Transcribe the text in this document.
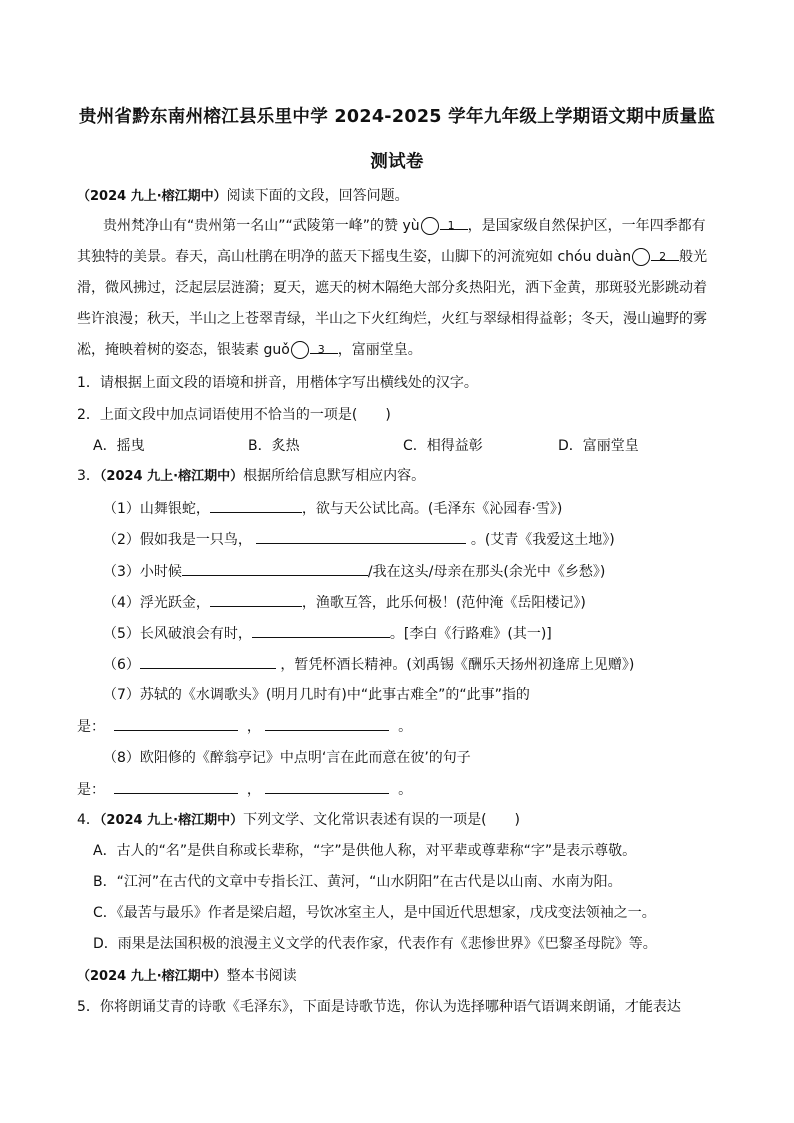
贵州省黔东南州榕江县乐里中学 2024-2025 学年九年级上学期语文期中质量监
测试卷
（2024 九上·榕江期中）阅读下面的文段，回答问题。
贵州梵净山有“贵州第一名山”“武陵第一峰”的赞 yù	1 ，是国家级自然保护区，一年四季都有其独特的美景。春天，高山杜鹃在明净的蓝天下摇曳生姿，山脚下的河流宛如 chóu duàn	2 般光滑，微风拂过，泛起层层涟漪；夏天，遮天的树木隔绝大部分炙热阳光，洒下金黄，那斑驳光影跳动着些许浪漫；秋天，半山之上苍翠青绿，半山之下火红绚烂，火红与翠绿相得益彰；冬天，漫山遍野的雾凇，掩映着树的姿态，银装素 guǒ	3 ，富丽堂皇。
1．请根据上面文段的语境和拼音，用楷体字写出横线处的汉字。
2．上面文段中加点词语使用不恰当的一项是(　　)
A．摇曳	B．炙热	C．相得益彰	D．富丽堂皇
3．（2024 九上·榕江期中）根据所给信息默写相应内容。
（1）山舞银蛇，	，欲与天公试比高。(毛泽东《沁园春·雪》)
（2）假如我是一只鸟，	。(艾青《我爱这土地》)
（3）小时候	/我在这头/母亲在那头(余光中《乡愁》)
（4）浮光跃金，	，渔歌互答，此乐何极！(范仲淹《岳阳楼记》)
（5）长风破浪会有时，	。[李白《行路难》(其一)]
（6）	，暂凭杯酒长精神。(刘禹锡《酬乐天扬州初逢席上见赠》)
（7）苏轼的《水调歌头》(明月几时有)中“此事古难全”的“此事”指的
是：	，	。
（8）欧阳修的《醉翁亭记》中点明‘言在此而意在彼’的句子
是：	，	。
4．（2024 九上·榕江期中）下列文学、文化常识表述有误的一项是(　　)
A．古人的“名”是供自称或长辈称，“字”是供他人称，对平辈或尊辈称“字”是表示尊敬。
B．“江河”在古代的文章中专指长江、黄河，“山水阴阳”在古代是以山南、水南为阳。
C．《最苦与最乐》作者是梁启超，号饮冰室主人，是中国近代思想家，戊戌变法领袖之一。
D．雨果是法国积极的浪漫主义文学的代表作家，代表作有《悲惨世界》《巴黎圣母院》等。
（2024 九上·榕江期中）整本书阅读
5．你将朗诵艾青的诗歌《毛泽东》，下面是诗歌节选，你认为选择哪种语气语调来朗诵，才能表达
